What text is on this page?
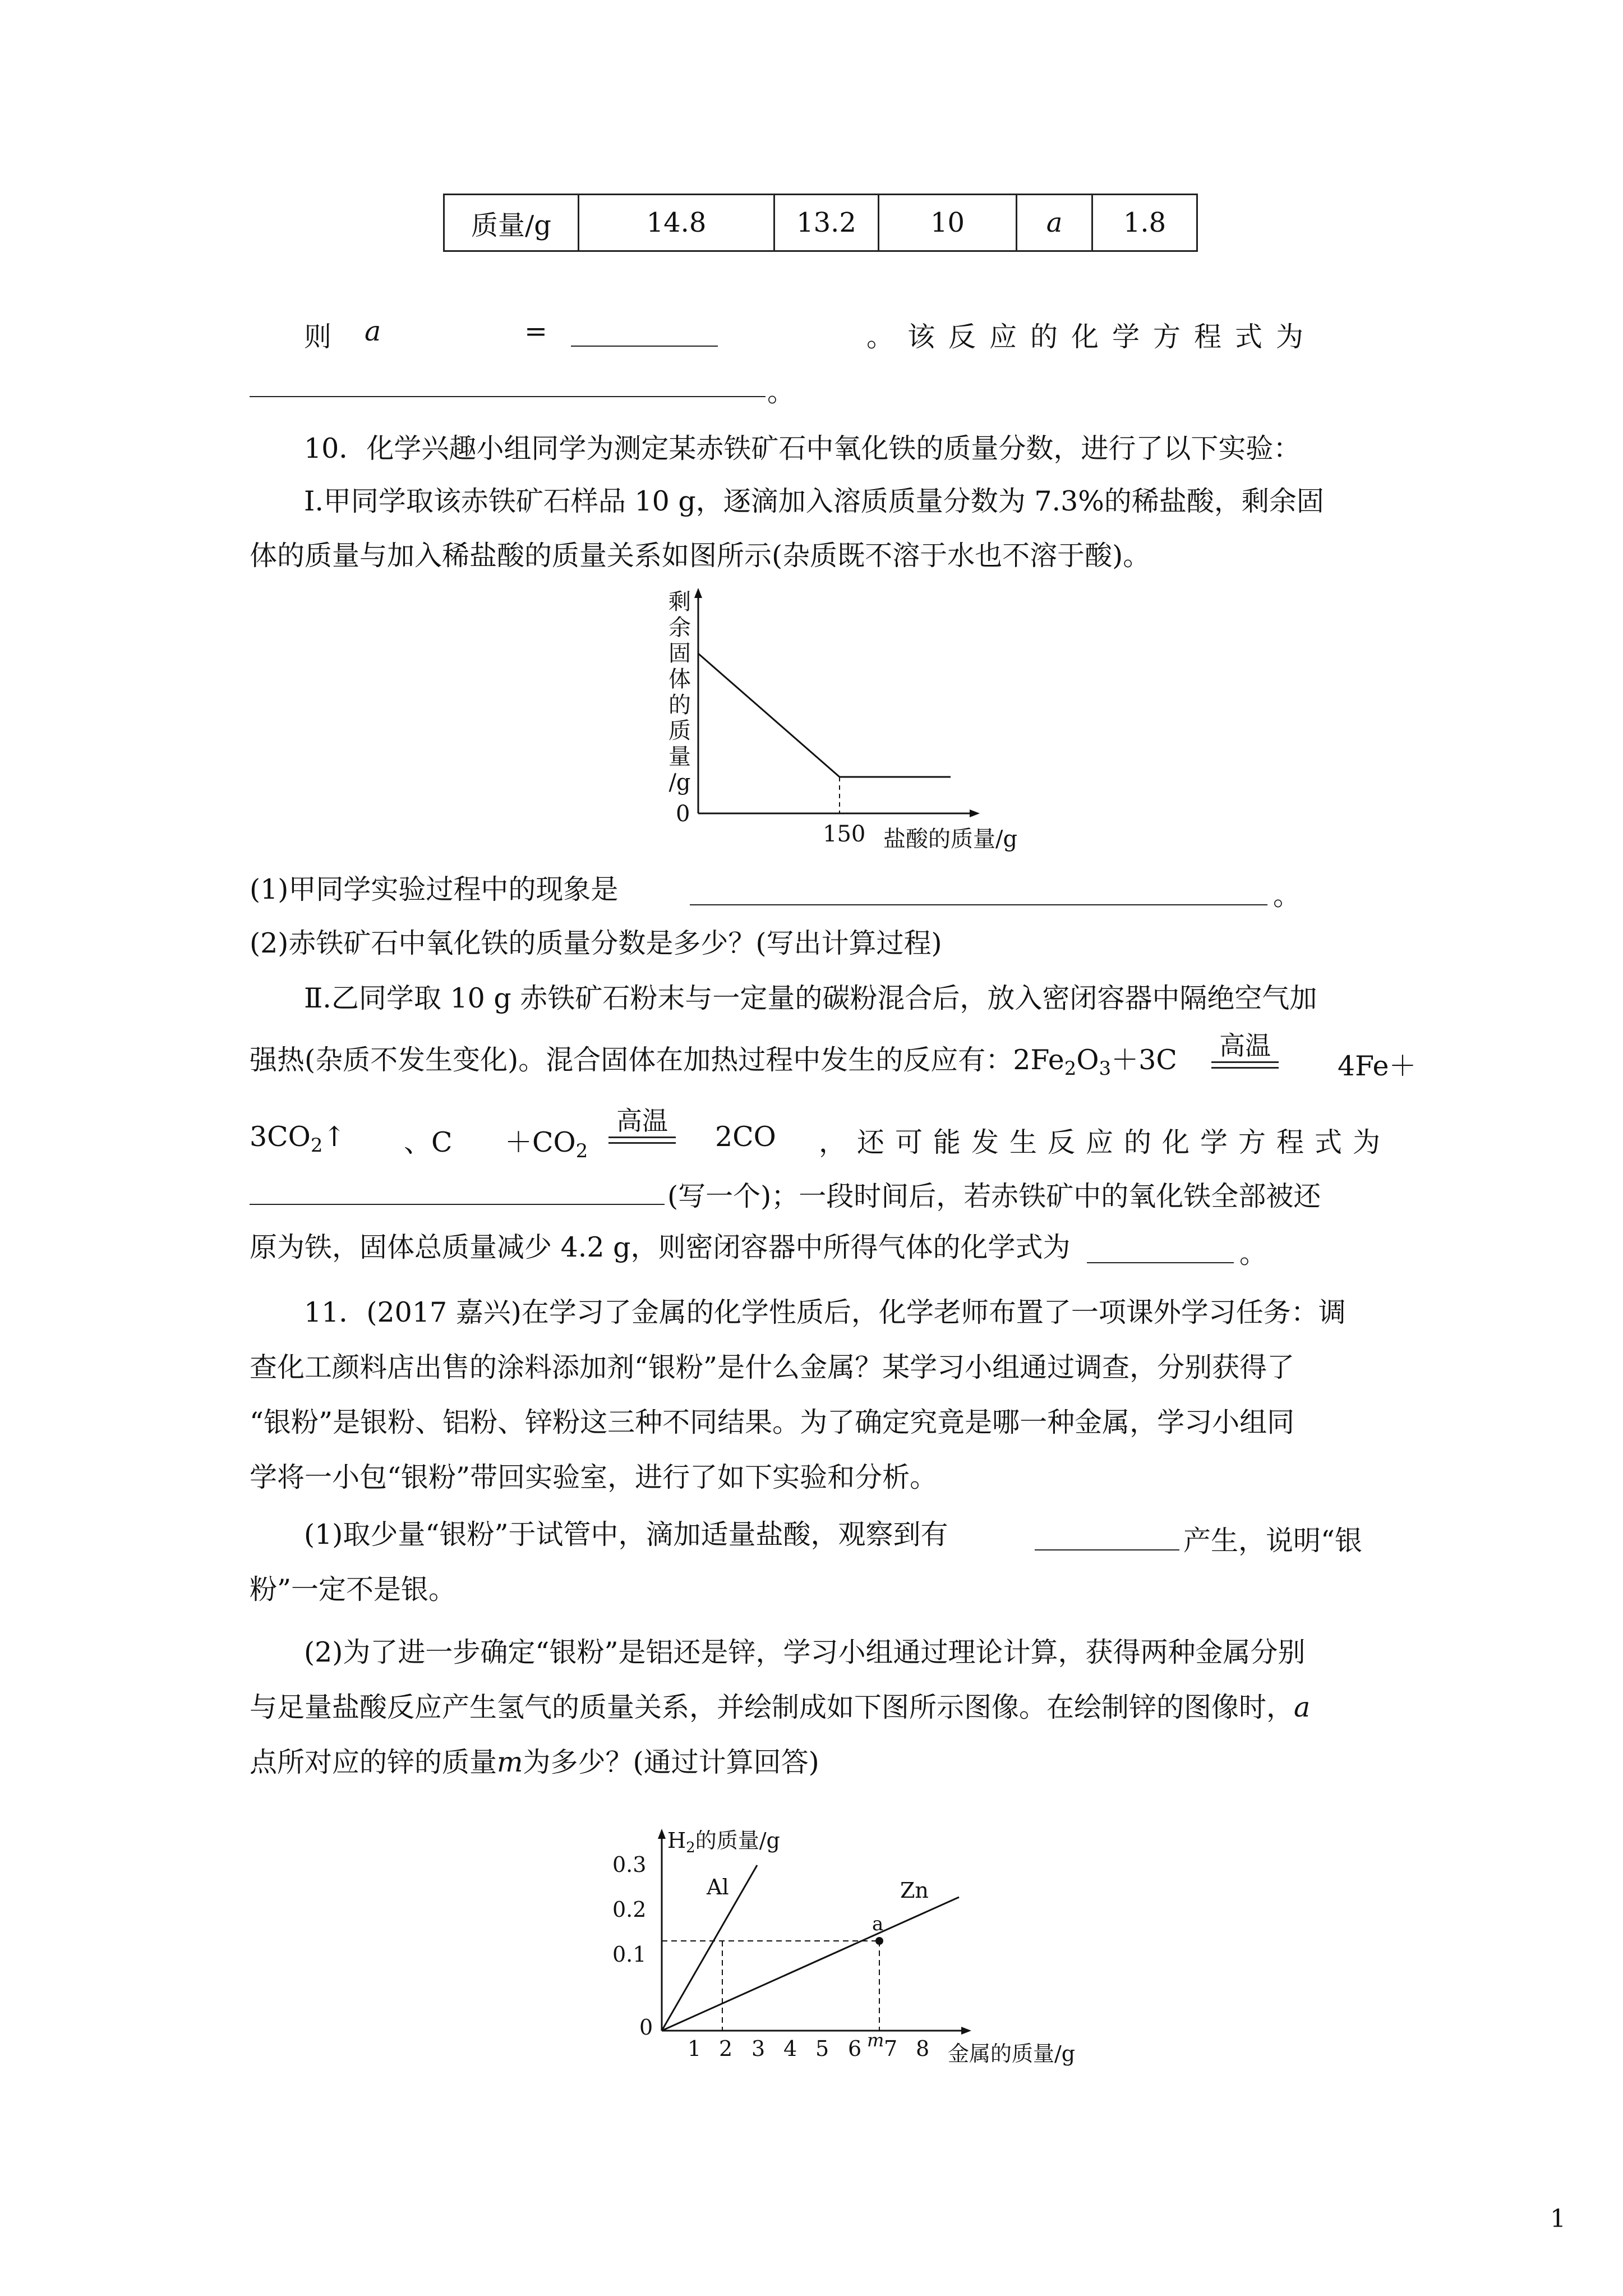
质量/g	14.8	13.2	10	a	1.8
则 a	=	。该反应的化学方程式为
。
10．化学兴趣小组同学为测定某赤铁矿石中氧化铁的质量分数，进行了以下实验：
Ⅰ.甲同学取该赤铁矿石样品 10 g，逐滴加入溶质质量分数为 7.3%的稀盐酸，剩余固
体的质量与加入稀盐酸的质量关系如图所示(杂质既不溶于水也不溶于酸)。
剩
余
固
体
的
质
量
/g
0
150 盐酸的质量/g
(1)甲同学实验过程中的现象是	。
(2)赤铁矿石中氧化铁的质量分数是多少？(写出计算过程)
Ⅱ.乙同学取 10 g 赤铁矿石粉末与一定量的碳粉混合后，放入密闭容器中隔绝空气加
强热(杂质不发生变化)。混合固体在加热过程中发生的反应有：$2Fe_2O_3+3C$	高温
4Fe＋
$3CO_2↑$ 、$C +CO_2$
高温 2CO ，还可能发生反应的化学方程式为
(写一个)；一段时间后，若赤铁矿中的氧化铁全部被还
原为铁，固体总质量减少 4.2 g，则密闭容器中所得气体的化学式为	。
11．(2017 嘉兴)在学习了金属的化学性质后，化学老师布置了一项课外学习任务：调
查化工颜料店出售的涂料添加剂“银粉”是什么金属？某学习小组通过调查，分别获得了
“银粉”是银粉、铝粉、锌粉这三种不同结果。为了确定究竟是哪一种金属，学习小组同
学将一小包“银粉”带回实验室，进行了如下实验和分析。
(1)取少量“银粉”于试管中，滴加适量盐酸，观察到有	产生，说明“银
粉”一定不是银。
(2)为了进一步确定“银粉”是铝还是锌，学习小组通过理论计算，获得两种金属分别
与足量盐酸反应产生氢气的质量关系，并绘制成如下图所示图像。在绘制锌的图像时，a
点所对应的锌的质量m为多少？(通过计算回答)
$H_2$的质量/g
0.3
0.2
0.1
0
1 2 3 4 5 6 m 7 8 金属的质量/g
Al	Zn
a
1
